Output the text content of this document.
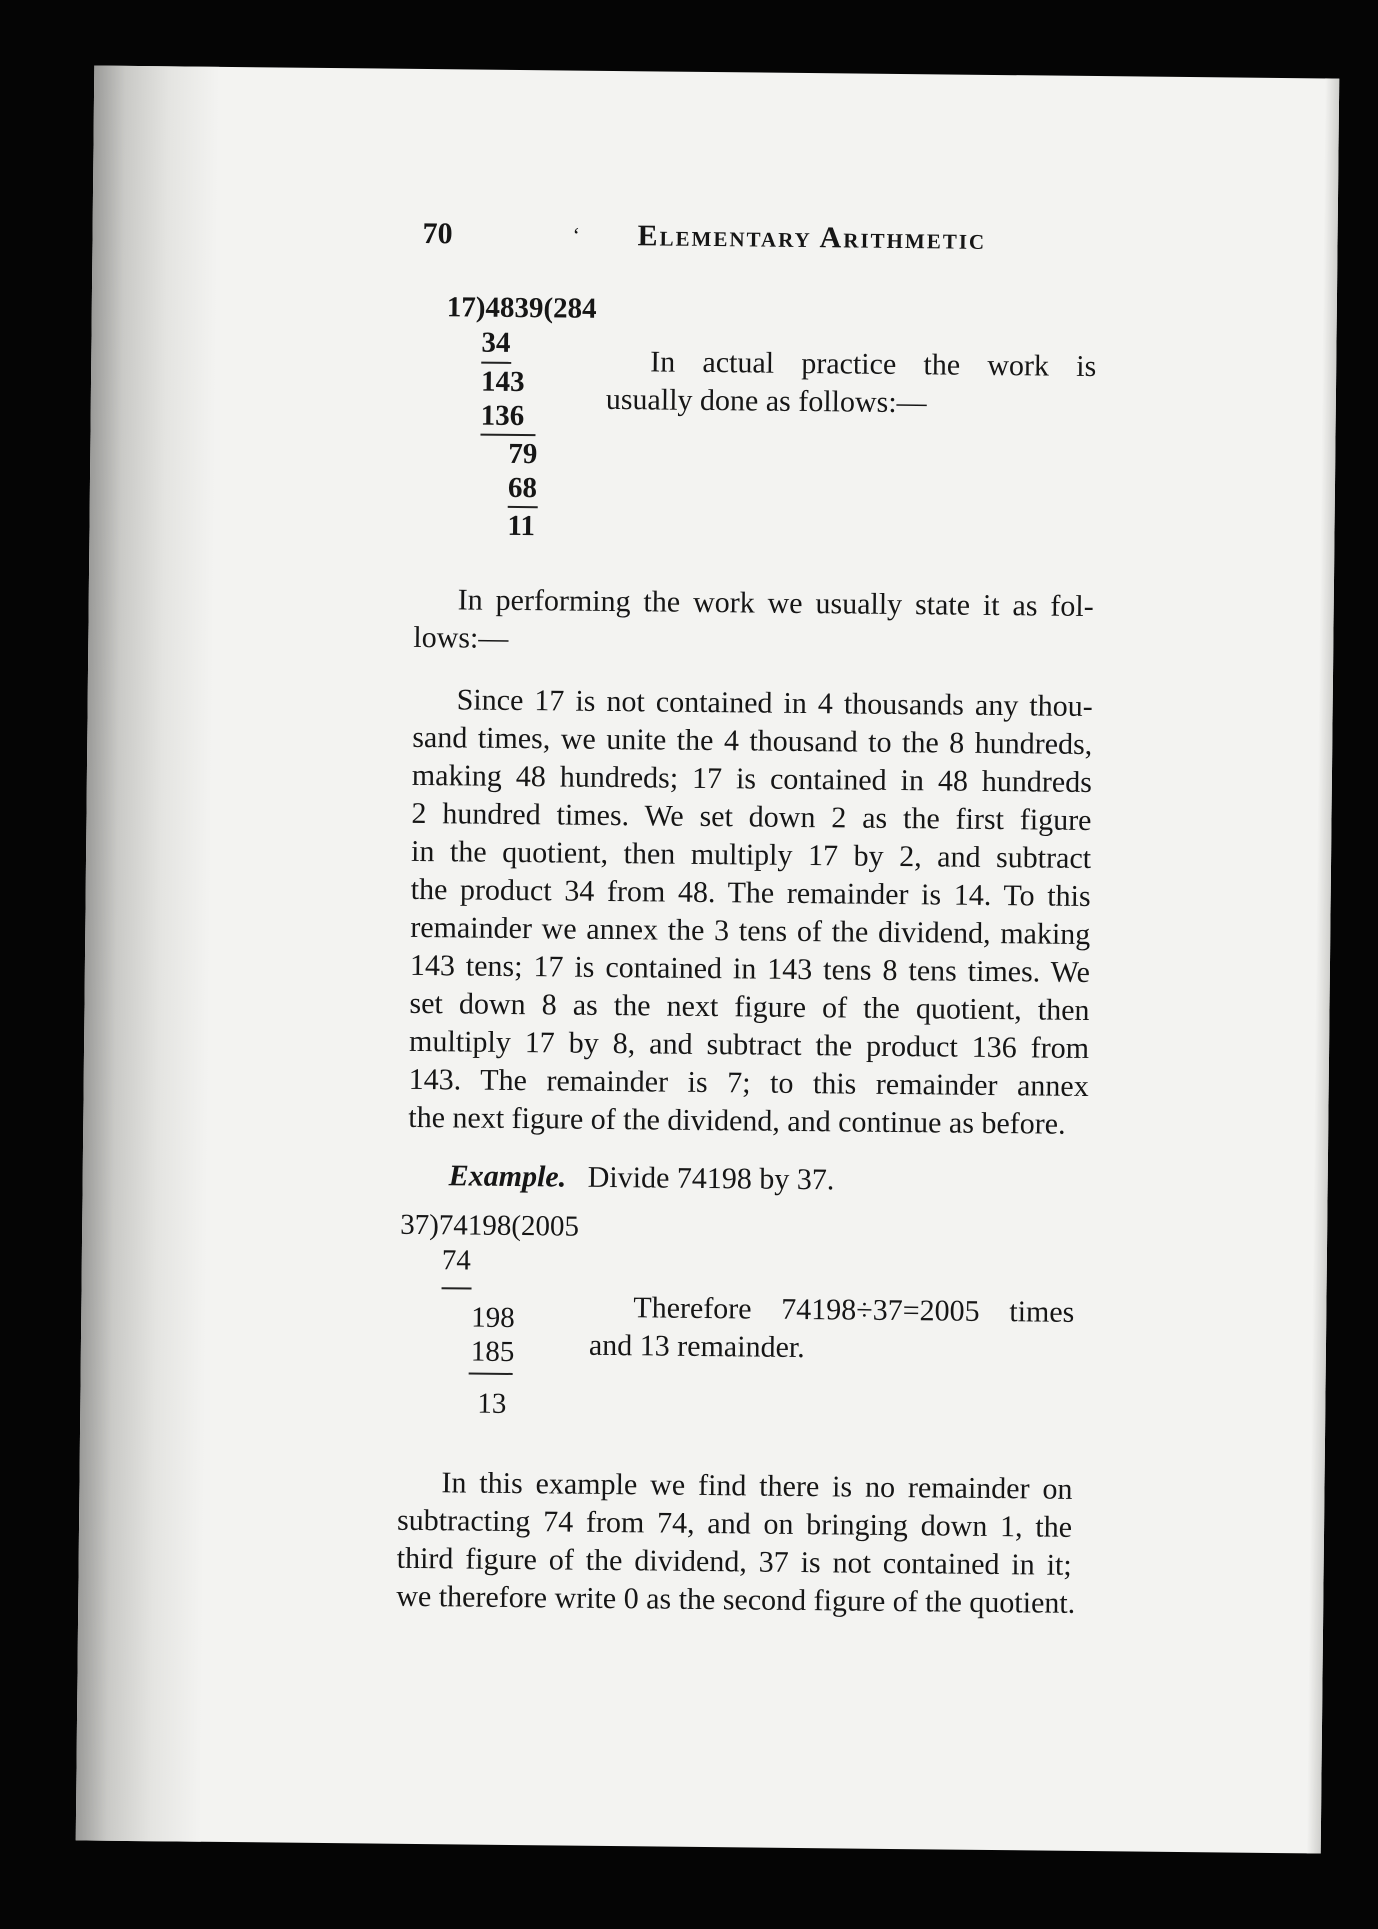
70	‘ Elementary Arithmetic
17)4839(284
34
143
136
79
68
11
In actual practice the work is
usually done as follows:—
In performing the work we usually state it as fol-
lows:—
Since 17 is not contained in 4 thousands any thou-
sand times, we unite the 4 thousand to the 8 hundreds,
making 48 hundreds; 17 is contained in 48 hundreds
2 hundred times. We set down 2 as the first figure
in the quotient, then multiply 17 by 2, and subtract
the product 34 from 48. The remainder is 14. To this
remainder we annex the 3 tens of the dividend, making
143 tens; 17 is contained in 143 tens 8 tens times. We
set down 8 as the next figure of the quotient, then
multiply 17 by 8, and subtract the product 136 from
143. The remainder is 7; to this remainder annex
the next figure of the dividend, and continue as before.
Example. Divide 74198 by 37.
37)74198(2005
74
198
185
13
Therefore 74198÷37=2005 times
and 13 remainder.
In this example we find there is no remainder on
subtracting 74 from 74, and on bringing down 1, the
third figure of the dividend, 37 is not contained in it;
we therefore write 0 as the second figure of the quotient.
